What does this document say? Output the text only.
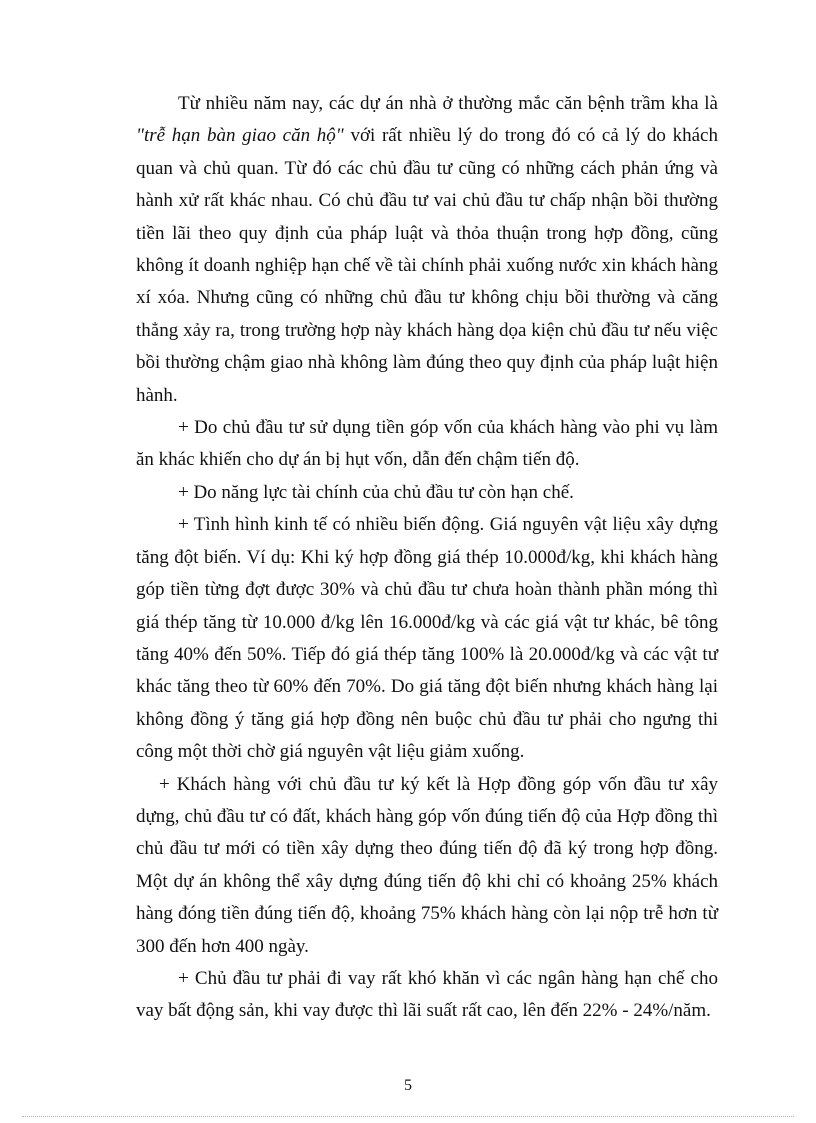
Từ nhiều năm nay, các dự án nhà ở thường mắc căn bệnh trầm kha là "trễ hạn bàn giao căn hộ" với rất nhiều lý do trong đó có cả lý do khách quan và chủ quan. Từ đó các chủ đầu tư cũng có những cách phản ứng và hành xử rất khác nhau. Có chủ đầu tư vai chủ đầu tư chấp nhận bồi thường tiền lãi theo quy định của pháp luật và thỏa thuận trong hợp đồng, cũng không ít doanh nghiệp hạn chế về tài chính phải xuống nước xin khách hàng xí xóa. Nhưng cũng có những chủ đầu tư không chịu bồi thường và căng thẳng xảy ra, trong trường hợp này khách hàng dọa kiện chủ đầu tư nếu việc bồi thường chậm giao nhà không làm đúng theo quy định của pháp luật hiện hành.

+ Do chủ đầu tư sử dụng tiền góp vốn của khách hàng vào phi vụ làm ăn khác khiến cho dự án bị hụt vốn, dẫn đến chậm tiến độ.

+ Do năng lực tài chính của chủ đầu tư còn hạn chế.

+ Tình hình kinh tế có nhiều biến động. Giá nguyên vật liệu xây dựng tăng đột biến. Ví dụ: Khi ký hợp đồng giá thép 10.000đ/kg, khi khách hàng góp tiền từng đợt được 30% và chủ đầu tư chưa hoàn thành phần móng thì giá thép tăng từ 10.000 đ/kg lên 16.000đ/kg và các giá vật tư khác, bê tông tăng 40% đến 50%. Tiếp đó giá thép tăng 100% là 20.000đ/kg và các vật tư khác tăng theo từ 60% đến 70%. Do giá tăng đột biến nhưng khách hàng lại không đồng ý tăng giá hợp đồng nên buộc chủ đầu tư phải cho ngưng thi công một thời chờ giá nguyên vật liệu giảm xuống.

+ Khách hàng với chủ đầu tư ký kết là Hợp đồng góp vốn đầu tư xây dựng, chủ đầu tư có đất, khách hàng góp vốn đúng tiến độ của Hợp đồng thì chủ đầu tư mới có tiền xây dựng theo đúng tiến độ đã ký trong hợp đồng. Một dự án không thể xây dựng đúng tiến độ khi chỉ có khoảng 25% khách hàng đóng tiền đúng tiến độ, khoảng 75% khách hàng còn lại nộp trễ hơn từ 300 đến hơn 400 ngày.

+ Chủ đầu tư phải đi vay rất khó khăn vì các ngân hàng hạn chế cho vay bất động sản, khi vay được thì lãi suất rất cao, lên đến 22% - 24%/năm.

5
